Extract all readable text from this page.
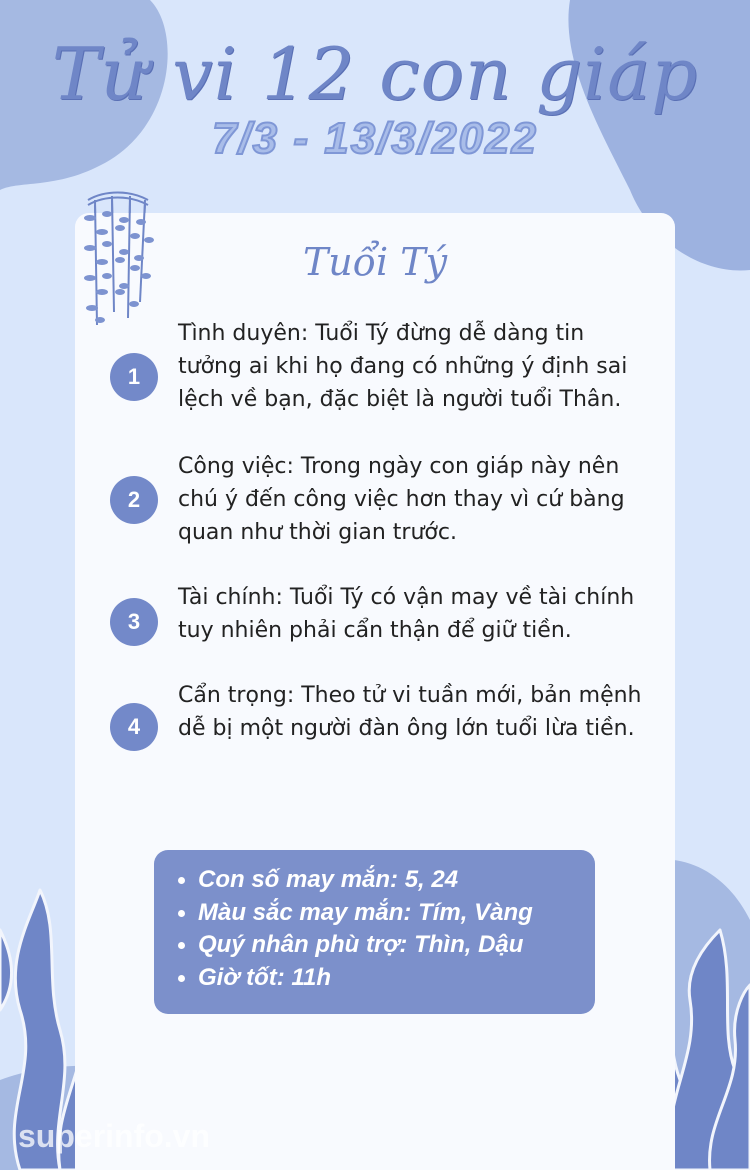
Tử vi 12 con giáp
7/3 - 13/3/2022
Tuổi Tý
1
Tình duyên: Tuổi Tý đừng dễ dàng tin tưởng ai khi họ đang có những ý định sai lệch về bạn, đặc biệt là người tuổi Thân.
2
Công việc: Trong ngày con giáp này nên chú ý đến công việc hơn thay vì cứ bàng quan như thời gian trước.
3
Tài chính: Tuổi Tý có vận may về tài chính tuy nhiên phải cẩn thận để giữ tiền.
4
Cẩn trọng: Theo tử vi tuần mới, bản mệnh dễ bị một người đàn ông lớn tuổi lừa tiền.
Con số may mắn: 5, 24
Màu sắc may mắn: Tím, Vàng
Quý nhân phù trợ: Thìn, Dậu
Giờ tốt: 11h
superinfo.vn
